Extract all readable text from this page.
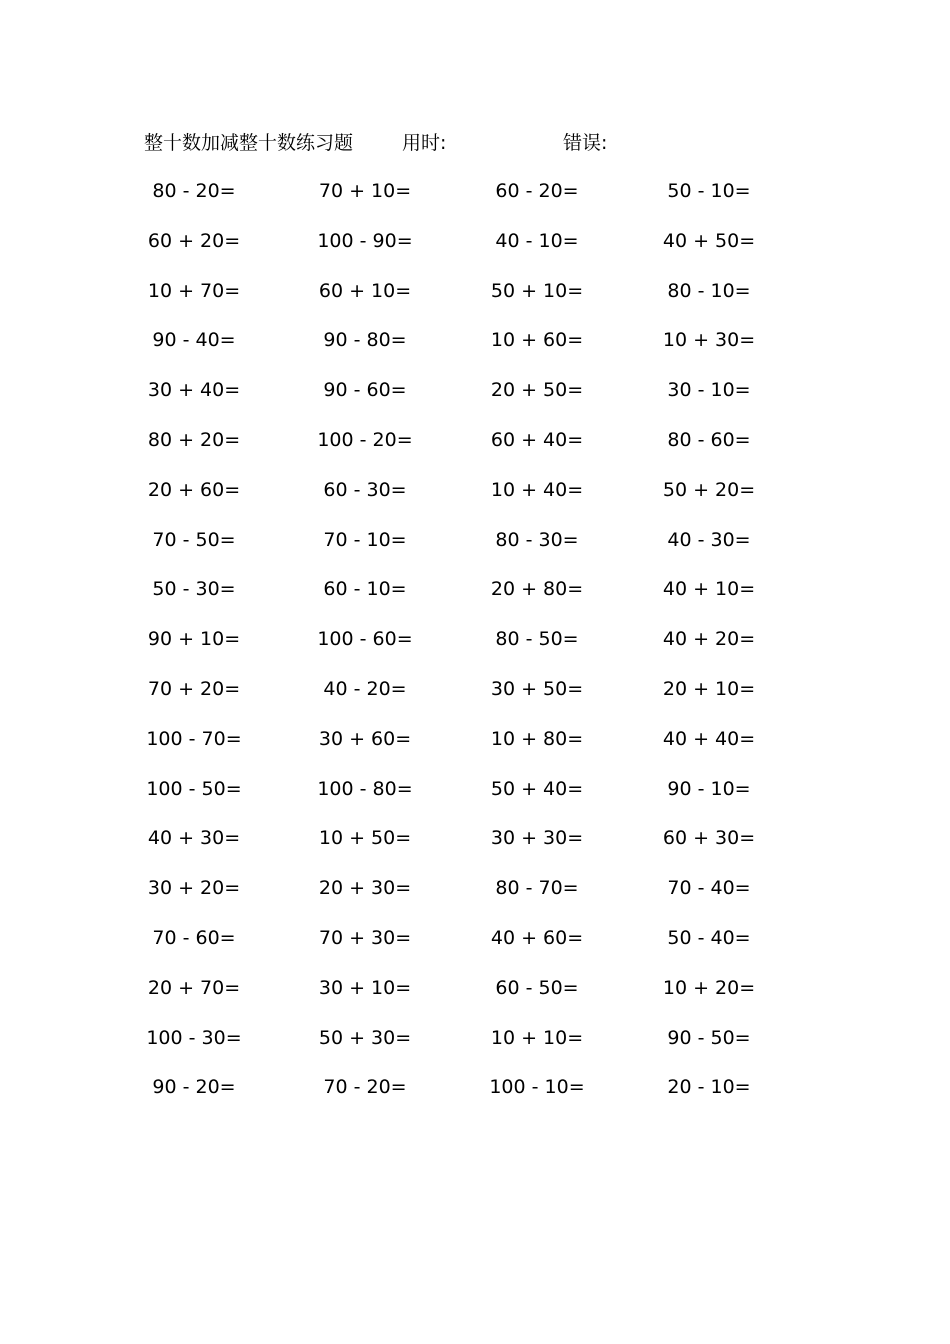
整十数加减整十数练习题	用时:	错误:
80 - 20=	70 + 10=	60 - 20=	50 - 10=
60 + 20=	100 - 90=	40 - 10=	40 + 50=
10 + 70=	60 + 10=	50 + 10=	80 - 10=
90 - 40=	90 - 80=	10 + 60=	10 + 30=
30 + 40=	90 - 60=	20 + 50=	30 - 10=
80 + 20=	100 - 20=	60 + 40=	80 - 60=
20 + 60=	60 - 30=	10 + 40=	50 + 20=
70 - 50=	70 - 10=	80 - 30=	40 - 30=
50 - 30=	60 - 10=	20 + 80=	40 + 10=
90 + 10=	100 - 60=	80 - 50=	40 + 20=
70 + 20=	40 - 20=	30 + 50=	20 + 10=
100 - 70=	30 + 60=	10 + 80=	40 + 40=
100 - 50=	100 - 80=	50 + 40=	90 - 10=
40 + 30=	10 + 50=	30 + 30=	60 + 30=
30 + 20=	20 + 30=	80 - 70=	70 - 40=
70 - 60=	70 + 30=	40 + 60=	50 - 40=
20 + 70=	30 + 10=	60 - 50=	10 + 20=
100 - 30=	50 + 30=	10 + 10=	90 - 50=
90 - 20=	70 - 20=	100 - 10=	20 - 10=
